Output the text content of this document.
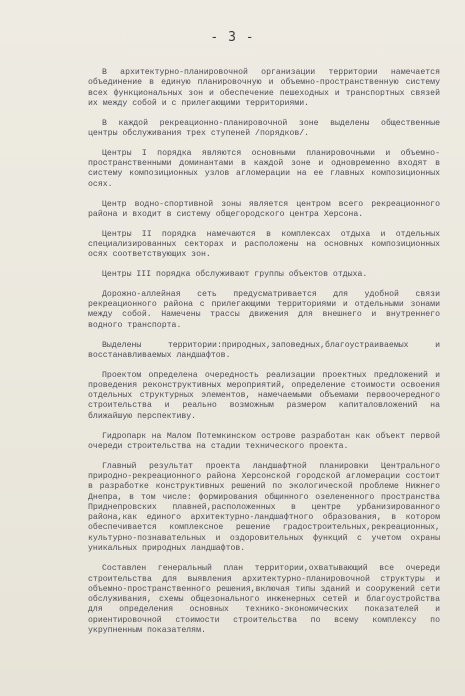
- 3 -

В архитектурно-планировочной организации территории намечается объединение в единую планировочную и объемно-пространственную систему всех функциональных зон и обеспечение пешеходных и транспортных связей их между собой и с прилегающими территориями.

В каждой рекреационно-планировочной зоне выделены общественные центры обслуживания трех ступеней /порядков/.

Центры I порядка являются основными планировочными и объемно-пространственными доминантами в каждой зоне и одновременно входят в систему композиционных узлов агломерации на ее главных композиционных осях.

Центр водно-спортивной зоны является центром всего рекреационного района и входит в систему общегородского центра Херсона.

Центры II порядка намечаются в комплексах отдыха и отдельных специализированных секторах и расположены на основных композиционных осях соответствующих зон.

Центры III порядка обслуживают группы объектов отдыха.

Дорожно-аллейная сеть предусматривается для удобной связи рекреационного района с прилегающими территориями и отдельными зонами между собой. Намечены трассы движения для внешнего и внутреннего водного транспорта.

Выделены территории:природных,заповедных,благоустраиваемых и восстанавливаемых ландшафтов.

Проектом определена очередность реализации проектных предложений и проведения реконструктивных мероприятий, определение стоимости освоения отдельных структурных элементов, намечаемыми объемами первоочередного строительства и реально возможным размером капиталовложений на ближайшую перспективу.

Гидропарк на Малом Потемкинском острове разработан как объект первой очереди строительства на стадии технического проекта.

Главный результат проекта ландшафтной планировки Центрального природно-рекреационного района Херсонской городской агломерации состоит в разработке конструктивных решений по экологической проблеме Нижнего Днепра, в том числе: формирования общинного озелененного пространства Приднепровских плавней,расположенных в центре урбанизированного района,как единого архитектурно-ландшафтного образования, в котором обеспечивается комплексное решение градостроительных,рекреационных, культурно-познавательных и оздоровительных функций с учетом охраны уникальных природных ландшафтов.

Составлен генеральный план территории,охватывающий все очереди строительства для выявления архитектурно-планировочной структуры и объемно-пространственного решения,включая типы зданий и сооружений сети обслуживания, схемы общезонального инженерных сетей и благоустройства для определения основных технико-экономических показателей и ориентировочной стоимости строительства по всему комплексу по укрупненным показателям.
